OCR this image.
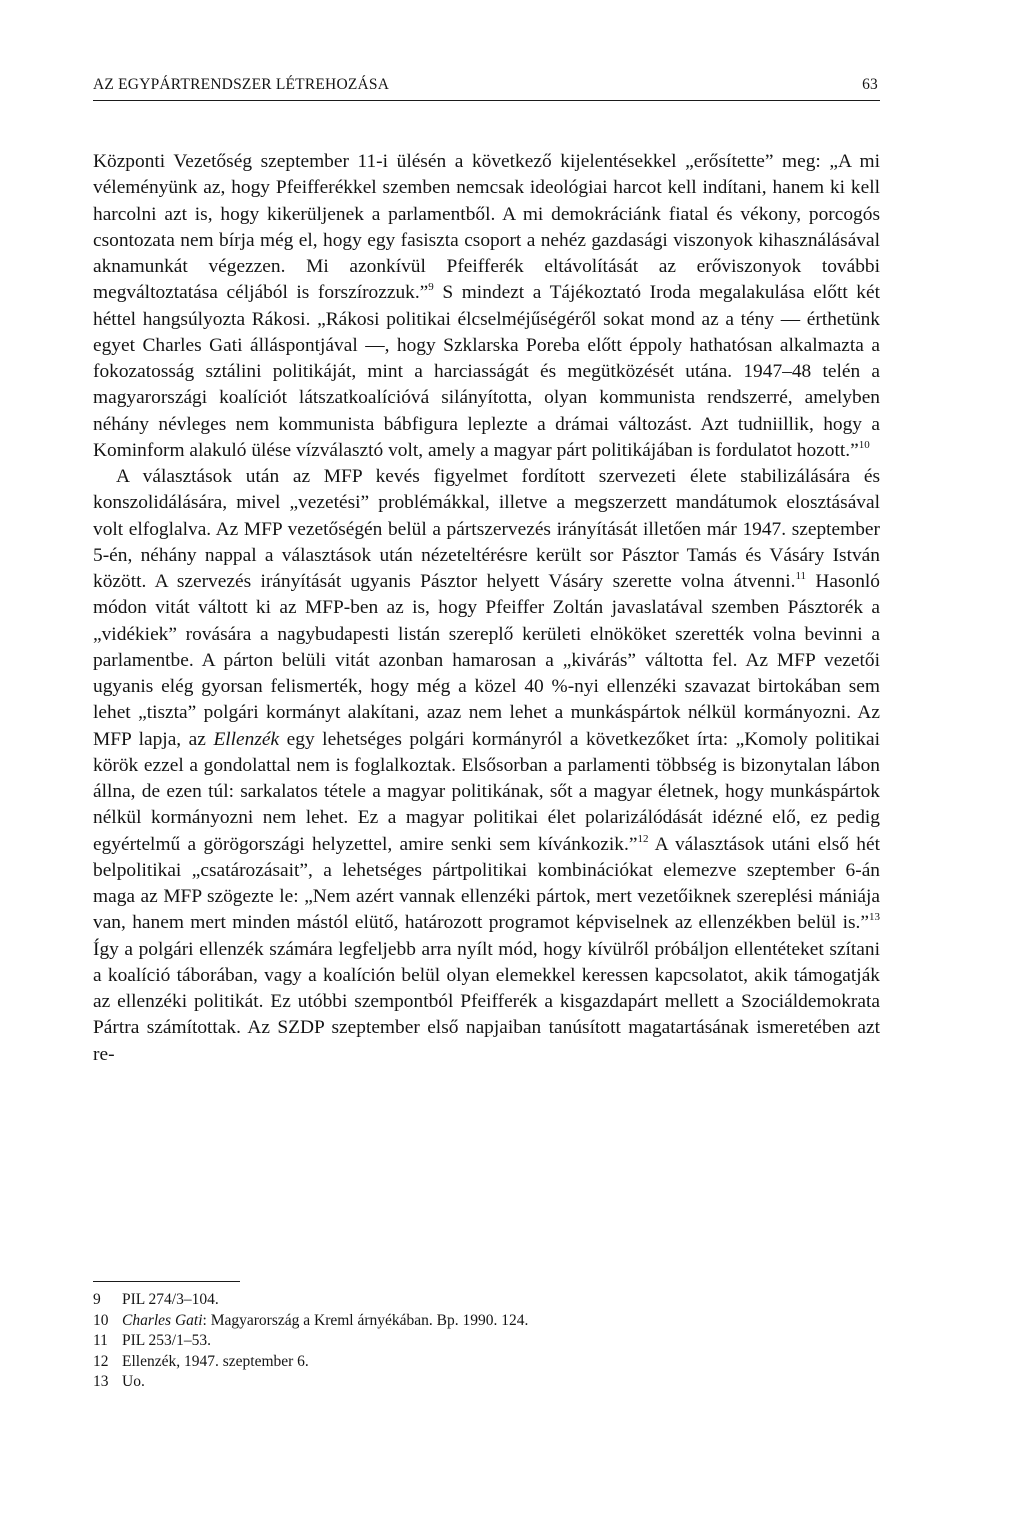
AZ EGYPÁRTRENDSZER LÉTREHOZÁSA	63

Központi Vezetőség szeptember 11-i ülésén a következő kijelentésekkel „erősítette” meg: „A mi véleményünk az, hogy Pfeifferékkel szemben nemcsak ideológiai harcot kell indítani, hanem ki kell harcolni azt is, hogy kikerüljenek a parlamentből. A mi demokráciánk fiatal és vékony, porcogós csontozata nem bírja még el, hogy egy fasiszta csoport a nehéz gazdasági viszonyok kihasználásával aknamunkát végezzen. Mi azonkívül Pfeifferék eltávolítását az erőviszonyok további megváltoztatása céljából is forszírozzuk.”$^9$ S mindezt a Tájékoztató Iroda megalakulása előtt két héttel hangsúlyozta Rákosi. „Rákosi politikai élcselméjűségéről sokat mond az a tény — érthetünk egyet Charles Gati álláspontjával —, hogy Szklarska Poreba előtt éppoly hathatósan alkalmazta a fokozatosság sztálini politikáját, mint a harciasságát és megütközését utána. 1947–48 telén a magyarországi koalíciót látszatkoalícióvá silányította, olyan kommunista rendszerré, amelyben néhány névleges nem kommunista bábfigura leplezte a drámai változást. Azt tudniillik, hogy a Kominform alakuló ülése vízválasztó volt, amely a magyar párt politikájában is fordulatot hozott.”$^{10}$

A választások után az MFP kevés figyelmet fordított szervezeti élete stabilizálására és konszolidálására, mivel „vezetési” problémákkal, illetve a megszerzett mandátumok elosztásával volt elfoglalva. Az MFP vezetőségén belül a pártszervezés irányítását illetően már 1947. szeptember 5-én, néhány nappal a választások után nézeteltérésre került sor Pásztor Tamás és Vásáry István között. A szervezés irányítását ugyanis Pásztor helyett Vásáry szerette volna átvenni.$^{11}$ Hasonló módon vitát váltott ki az MFP-ben az is, hogy Pfeiffer Zoltán javaslatával szemben Pásztorék a „vidékiek” rovására a nagybudapesti listán szereplő kerületi elnököket szerették volna bevinni a parlamentbe. A párton belüli vitát azonban hamarosan a „kivárás” váltotta fel. Az MFP vezetői ugyanis elég gyorsan felismerték, hogy még a közel 40 %-nyi ellenzéki szavazat birtokában sem lehet „tiszta” polgári kormányt alakítani, azaz nem lehet a munkáspártok nélkül kormányozni. Az MFP lapja, az Ellenzék egy lehetséges polgári kormányról a következőket írta: „Komoly politikai körök ezzel a gondolattal nem is foglalkoztak. Elsősorban a parlamenti többség is bizonytalan lábon állna, de ezen túl: sarkalatos tétele a magyar politikának, sőt a magyar életnek, hogy munkáspártok nélkül kormányozni nem lehet. Ez a magyar politikai élet polarizálódását idézné elő, ez pedig egyértelmű a görögországi helyzettel, amire senki sem kívánkozik.”$^{12}$ A választások utáni első hét belpolitikai „csatározásait”, a lehetséges pártpolitikai kombinációkat elemezve szeptember 6-án maga az MFP szögezte le: „Nem azért vannak ellenzéki pártok, mert vezetőiknek szereplési mániája van, hanem mert minden mástól elütő, határozott programot képviselnek az ellenzékben belül is.”$^{13}$ Így a polgári ellenzék számára legfeljebb arra nyílt mód, hogy kívülről próbáljon ellentéteket szítani a koalíció táborában, vagy a koalíción belül olyan elemekkel keressen kapcsolatot, akik támogatják az ellenzéki politikát. Ez utóbbi szempontból Pfeifferék a kisgazdapárt mellett a Szociáldemokrata Pártra számítottak. Az SZDP szeptember első napjaiban tanúsított magatartásának ismeretében azt re-

9 PIL 274/3–104.
10 Charles Gati: Magyarország a Kreml árnyékában. Bp. 1990. 124.
11 PIL 253/1–53.
12 Ellenzék, 1947. szeptember 6.
13 Uo.
